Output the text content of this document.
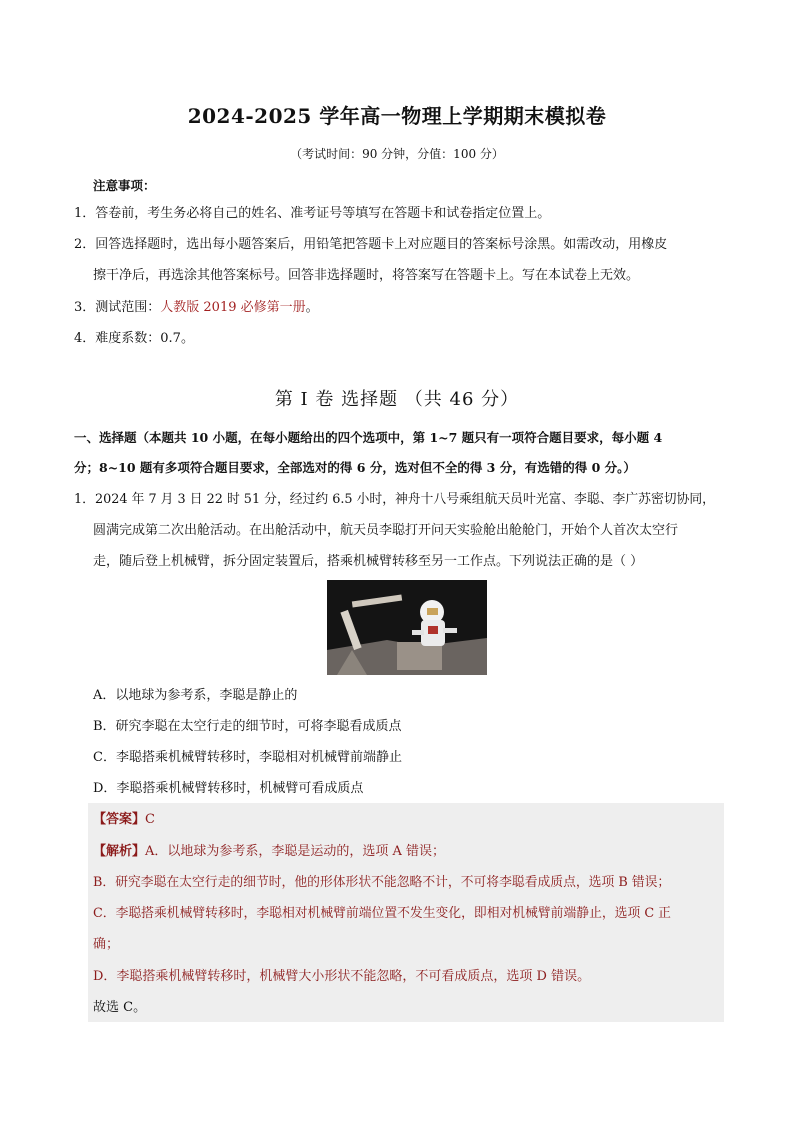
2024-2025 学年高一物理上学期期末模拟卷
（考试时间：90 分钟，分值：100 分）
注意事项：
1．答卷前，考生务必将自己的姓名、准考证号等填写在答题卡和试卷指定位置上。
2．回答选择题时，选出每小题答案后，用铅笔把答题卡上对应题目的答案标号涂黑。如需改动，用橡皮
擦干净后，再选涂其他答案标号。回答非选择题时，将答案写在答题卡上。写在本试卷上无效。
3．测试范围：人教版 2019 必修第一册。
4．难度系数：0.7。
第 I 卷 选择题 （共 46 分）
一、选择题（本题共 10 小题，在每小题给出的四个选项中，第 1~7 题只有一项符合题目要求，每小题 4
分；8~10 题有多项符合题目要求，全部选对的得 6 分，选对但不全的得 3 分，有选错的得 0 分。）
1．2024 年 7 月 3 日 22 时 51 分，经过约 6.5 小时，神舟十八号乘组航天员叶光富、李聪、李广苏密切协同，
圆满完成第二次出舱活动。在出舱活动中，航天员李聪打开问天实验舱出舱舱门，开始个人首次太空行
走，随后登上机械臂，拆分固定装置后，搭乘机械臂转移至另一工作点。下列说法正确的是（ ）
A．以地球为参考系，李聪是静止的
B．研究李聪在太空行走的细节时，可将李聪看成质点
C．李聪搭乘机械臂转移时，李聪相对机械臂前端静止
D．李聪搭乘机械臂转移时，机械臂可看成质点
【答案】C
【解析】A．以地球为参考系，李聪是运动的，选项 A 错误；
B．研究李聪在太空行走的细节时，他的形体形状不能忽略不计，不可将李聪看成质点，选项 B 错误；
C．李聪搭乘机械臂转移时，李聪相对机械臂前端位置不发生变化，即相对机械臂前端静止，选项 C 正
确；
D．李聪搭乘机械臂转移时，机械臂大小形状不能忽略，不可看成质点，选项 D 错误。
故选 C。
